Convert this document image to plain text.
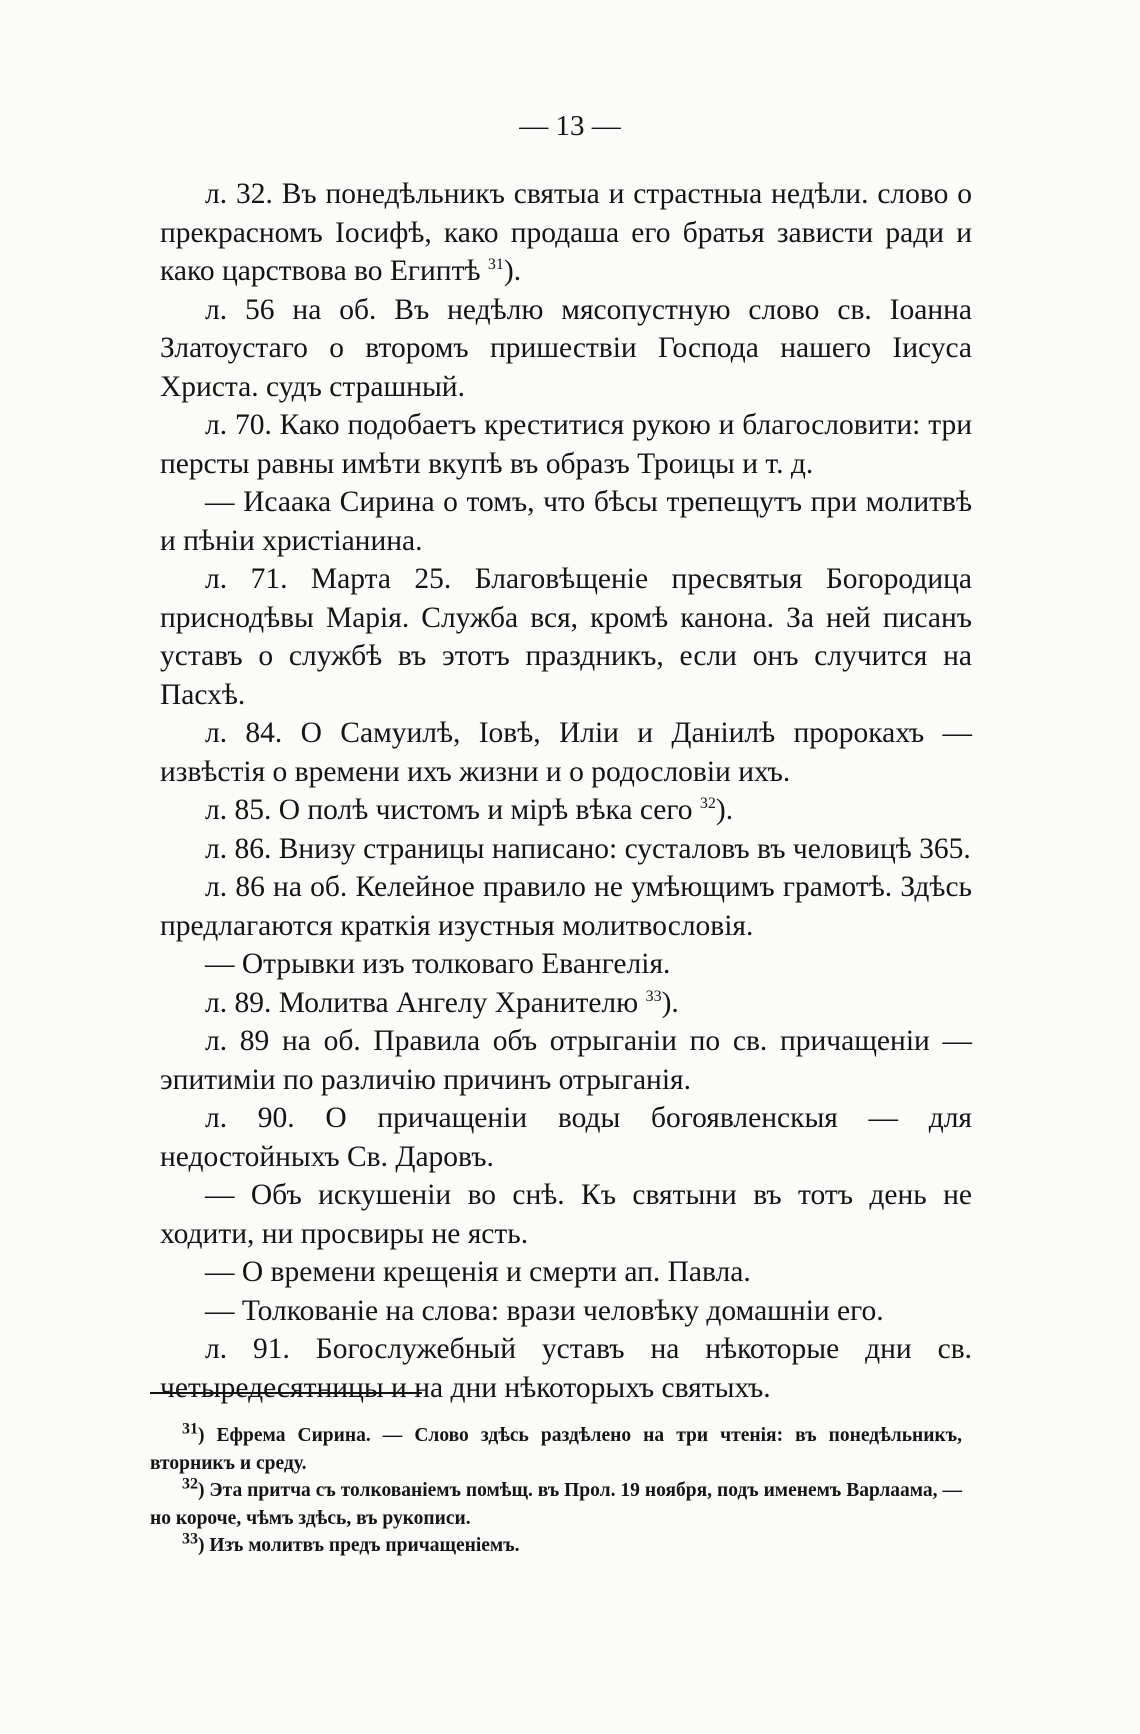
— 13 —

л. 32. Въ понедѣльникъ святыа и страстныа недѣли. слово о прекрасномъ Іосифѣ, како продаша его братья зависти ради и како царствова во Египтѣ $^{31}$).

л. 56 на об. Въ недѣлю мясопустную слово св. Іоанна Златоустаго о второмъ пришествіи Господа нашего Іисуса Христа. судъ страшный.

л. 70. Како подобаетъ креститися рукою и благословити: три персты равны имѣти вкупѣ въ образъ Троицы и т. д.

— Исаака Сирина о томъ, что бѣсы трепещутъ при молитвѣ и пѣніи христіанина.

л. 71. Марта 25. Благовѣщеніе пресвятыя Богородица приснодѣвы Марія. Служба вся, кромѣ канона. За ней писанъ уставъ о службѣ въ этотъ праздникъ, если онъ случится на Пасхѣ.

л. 84. О Самуилѣ, Іовѣ, Иліи и Даніилѣ пророкахъ — извѣстія о времени ихъ жизни и о родословіи ихъ.

л. 85. О полѣ чистомъ и мірѣ вѣка сего $^{32}$).

л. 86. Внизу страницы написано: сусталовъ въ человицѣ 365.

л. 86 на об. Келейное правило не умѣющимъ грамотѣ. Здѣсь предлагаются краткія изустныя молитвословія.

— Отрывки изъ толковаго Евангелія.

л. 89. Молитва Ангелу Хранителю $^{33}$).

л. 89 на об. Правила объ отрыганіи по св. причащеніи — эпитиміи по различію причинъ отрыганія.

л. 90. О причащеніи воды богоявленскыя — для недостойныхъ Св. Даровъ.

— Объ искушеніи во снѣ. Къ святыни въ тотъ день не ходити, ни просвиры не ясть.

— О времени крещенія и смерти ап. Павла.

— Толкованіе на слова: врази человѣку домашніи его.

л. 91. Богослужебный уставъ на нѣкоторые дни св. четыредесятницы и на дни нѣкоторыхъ святыхъ.

$^{31}$) Ефрема Сирина. — Слово здѣсь раздѣлено на три чтенія: въ понедѣльникъ, вторникъ и среду.

$^{32}$) Эта притча съ толкованіемъ помѣщ. въ Прол. 19 ноября, подъ именемъ Варлаама, — но короче, чѣмъ здѣсь, въ рукописи.

$^{33}$) Изъ молитвъ предъ причащеніемъ.
